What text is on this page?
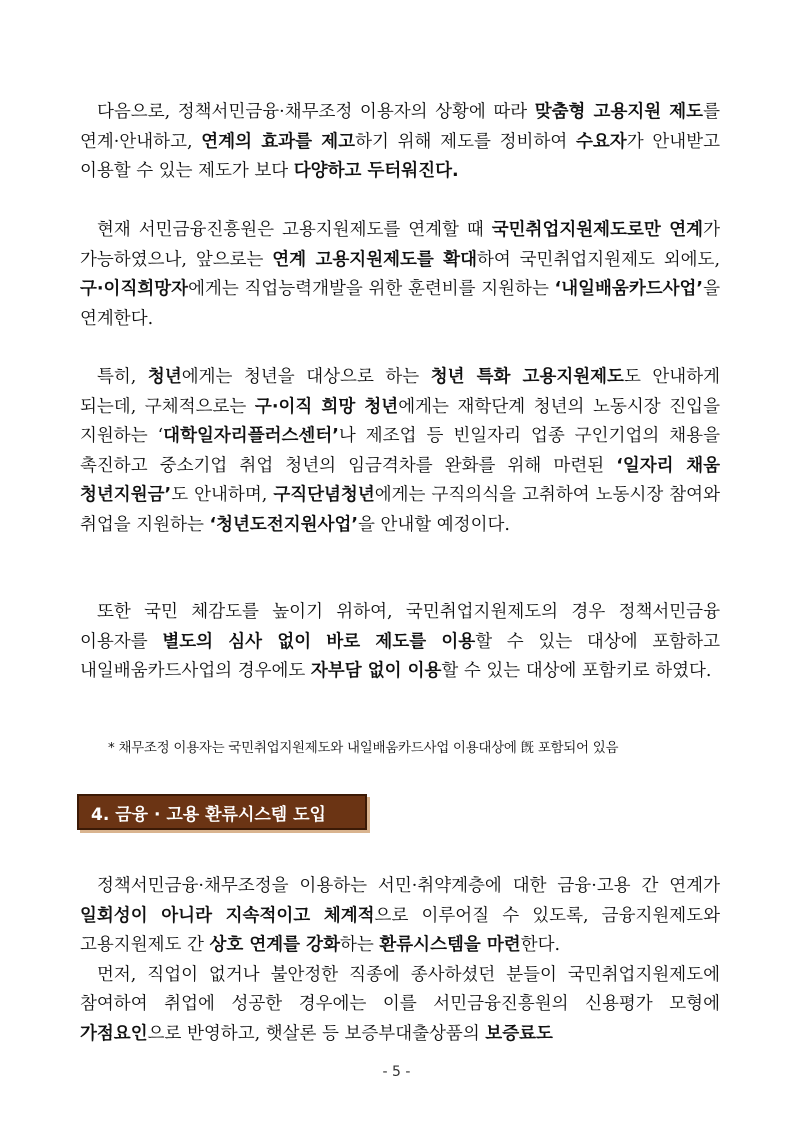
다음으로, 정책서민금융·채무조정 이용자의 상황에 따라 맞춤형 고용지원 제도를 연계·안내하고, 연계의 효과를 제고하기 위해 제도를 정비하여 수요자가 안내받고 이용할 수 있는 제도가 보다 다양하고 두터워진다.
현재 서민금융진흥원은 고용지원제도를 연계할 때 국민취업지원제도로만 연계가 가능하였으나, 앞으로는 연계 고용지원제도를 확대하여 국민취업지원제도 외에도, 구·이직희망자에게는 직업능력개발을 위한 훈련비를 지원하는 ‘내일배움카드사업’을 연계한다.
특히, 청년에게는 청년을 대상으로 하는 청년 특화 고용지원제도도 안내하게 되는데, 구체적으로는 구·이직 희망 청년에게는 재학단계 청년의 노동시장 진입을 지원하는 ‘대학일자리플러스센터’나 제조업 등 빈일자리 업종 구인기업의 채용을 촉진하고 중소기업 취업 청년의 임금격차를 완화를 위해 마련된 ‘일자리 채움 청년지원금’도 안내하며, 구직단념청년에게는 구직의식을 고취하여 노동시장 참여와 취업을 지원하는 ‘청년도전지원사업’을 안내할 예정이다.
또한 국민 체감도를 높이기 위하여, 국민취업지원제도의 경우 정책서민금융 이용자를 별도의 심사 없이 바로 제도를 이용할 수 있는 대상에 포함하고 내일배움카드사업의 경우에도 자부담 없이 이용할 수 있는 대상에 포함키로 하였다.
* 채무조정 이용자는 국민취업지원제도와 내일배움카드사업 이용대상에 旣 포함되어 있음
4. 금융 · 고용 환류시스템 도입
정책서민금융·채무조정을 이용하는 서민·취약계층에 대한 금융·고용 간 연계가 일회성이 아니라 지속적이고 체계적으로 이루어질 수 있도록, 금융지원제도와 고용지원제도 간 상호 연계를 강화하는 환류시스템을 마련한다.
먼저, 직업이 없거나 불안정한 직종에 종사하셨던 분들이 국민취업지원제도에 참여하여 취업에 성공한 경우에는 이를 서민금융진흥원의 신용평가 모형에 가점요인으로 반영하고, 햇살론 등 보증부대출상품의 보증료도
- 5 -
